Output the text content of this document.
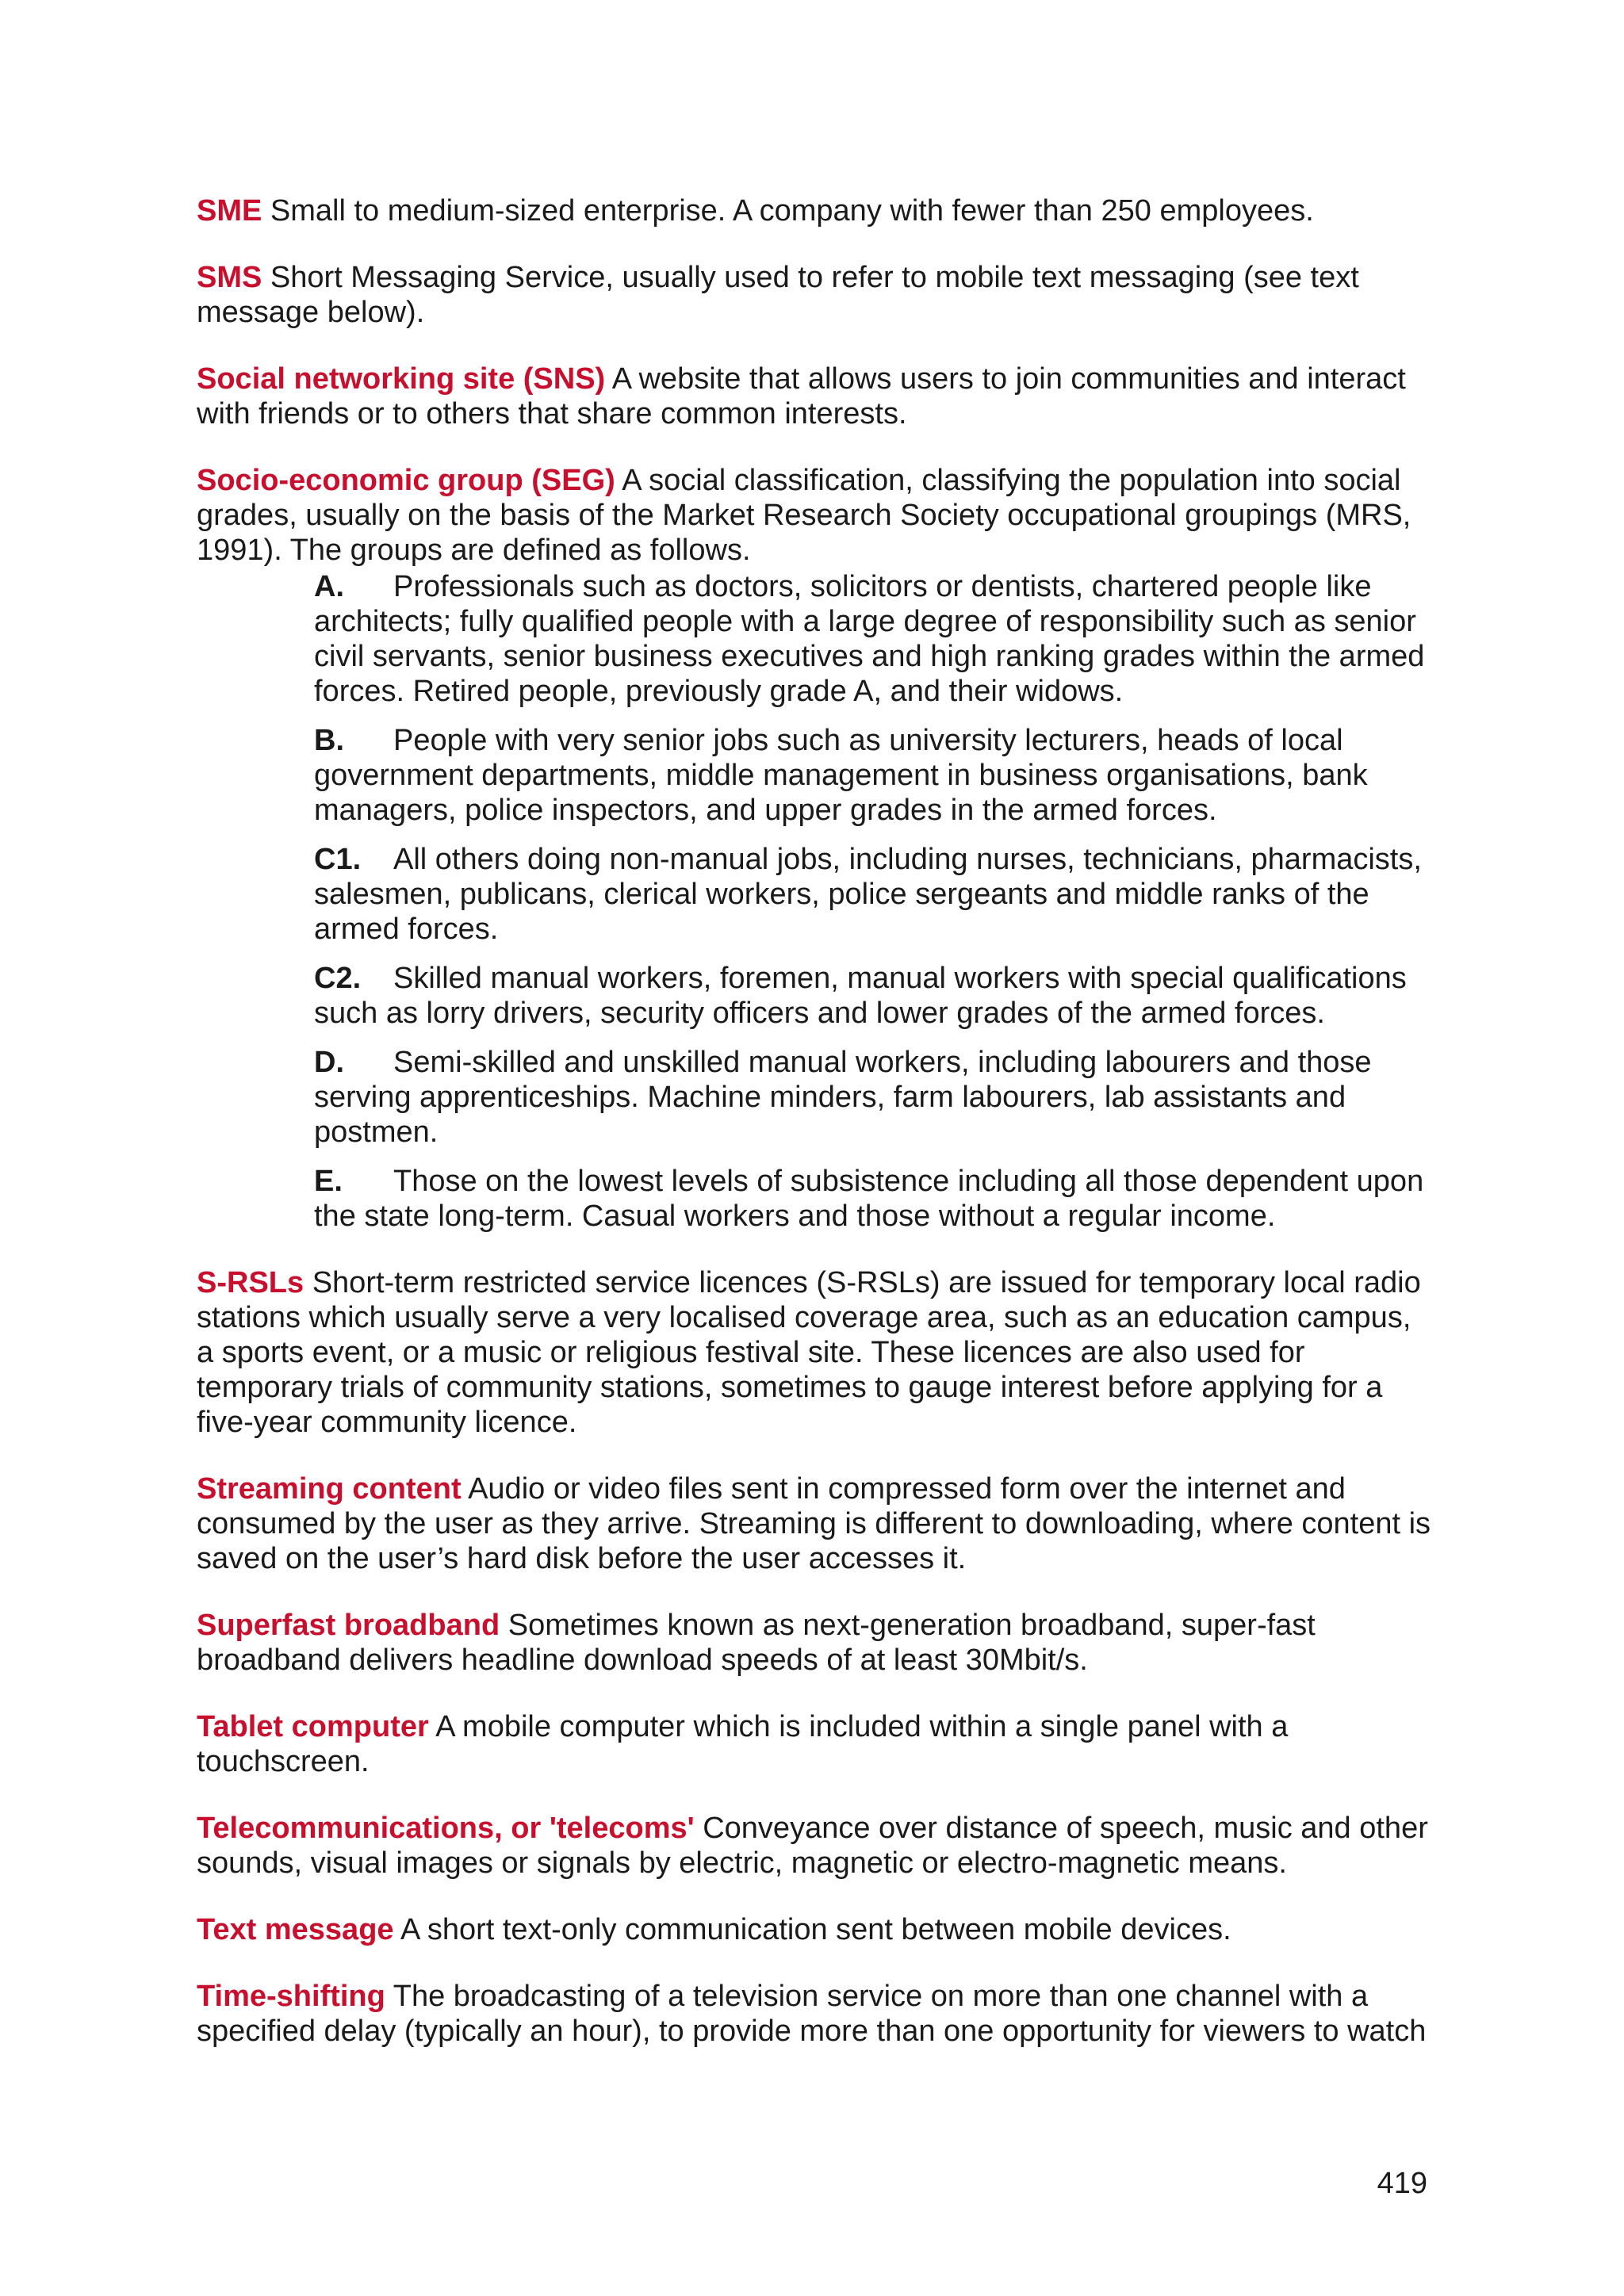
SME Small to medium-sized enterprise. A company with fewer than 250 employees.

SMS Short Messaging Service, usually used to refer to mobile text messaging (see text message below).

Social networking site (SNS) A website that allows users to join communities and interact with friends or to others that share common interests.

Socio-economic group (SEG) A social classification, classifying the population into social grades, usually on the basis of the Market Research Society occupational groupings (MRS, 1991). The groups are defined as follows.

A. Professionals such as doctors, solicitors or dentists, chartered people like architects; fully qualified people with a large degree of responsibility such as senior civil servants, senior business executives and high ranking grades within the armed forces. Retired people, previously grade A, and their widows.
B. People with very senior jobs such as university lecturers, heads of local government departments, middle management in business organisations, bank managers, police inspectors, and upper grades in the armed forces.
C1. All others doing non-manual jobs, including nurses, technicians, pharmacists, salesmen, publicans, clerical workers, police sergeants and middle ranks of the armed forces.
C2. Skilled manual workers, foremen, manual workers with special qualifications such as lorry drivers, security officers and lower grades of the armed forces.
D. Semi-skilled and unskilled manual workers, including labourers and those serving apprenticeships. Machine minders, farm labourers, lab assistants and postmen.
E. Those on the lowest levels of subsistence including all those dependent upon the state long-term. Casual workers and those without a regular income.

S-RSLs Short-term restricted service licences (S-RSLs) are issued for temporary local radio stations which usually serve a very localised coverage area, such as an education campus, a sports event, or a music or religious festival site. These licences are also used for temporary trials of community stations, sometimes to gauge interest before applying for a five-year community licence.

Streaming content Audio or video files sent in compressed form over the internet and consumed by the user as they arrive. Streaming is different to downloading, where content is saved on the user’s hard disk before the user accesses it.

Superfast broadband Sometimes known as next-generation broadband, super-fast broadband delivers headline download speeds of at least 30Mbit/s.

Tablet computer A mobile computer which is included within a single panel with a touchscreen.

Telecommunications, or 'telecoms' Conveyance over distance of speech, music and other sounds, visual images or signals by electric, magnetic or electro-magnetic means.

Text message A short text-only communication sent between mobile devices.

Time-shifting The broadcasting of a television service on more than one channel with a specified delay (typically an hour), to provide more than one opportunity for viewers to watch

419
